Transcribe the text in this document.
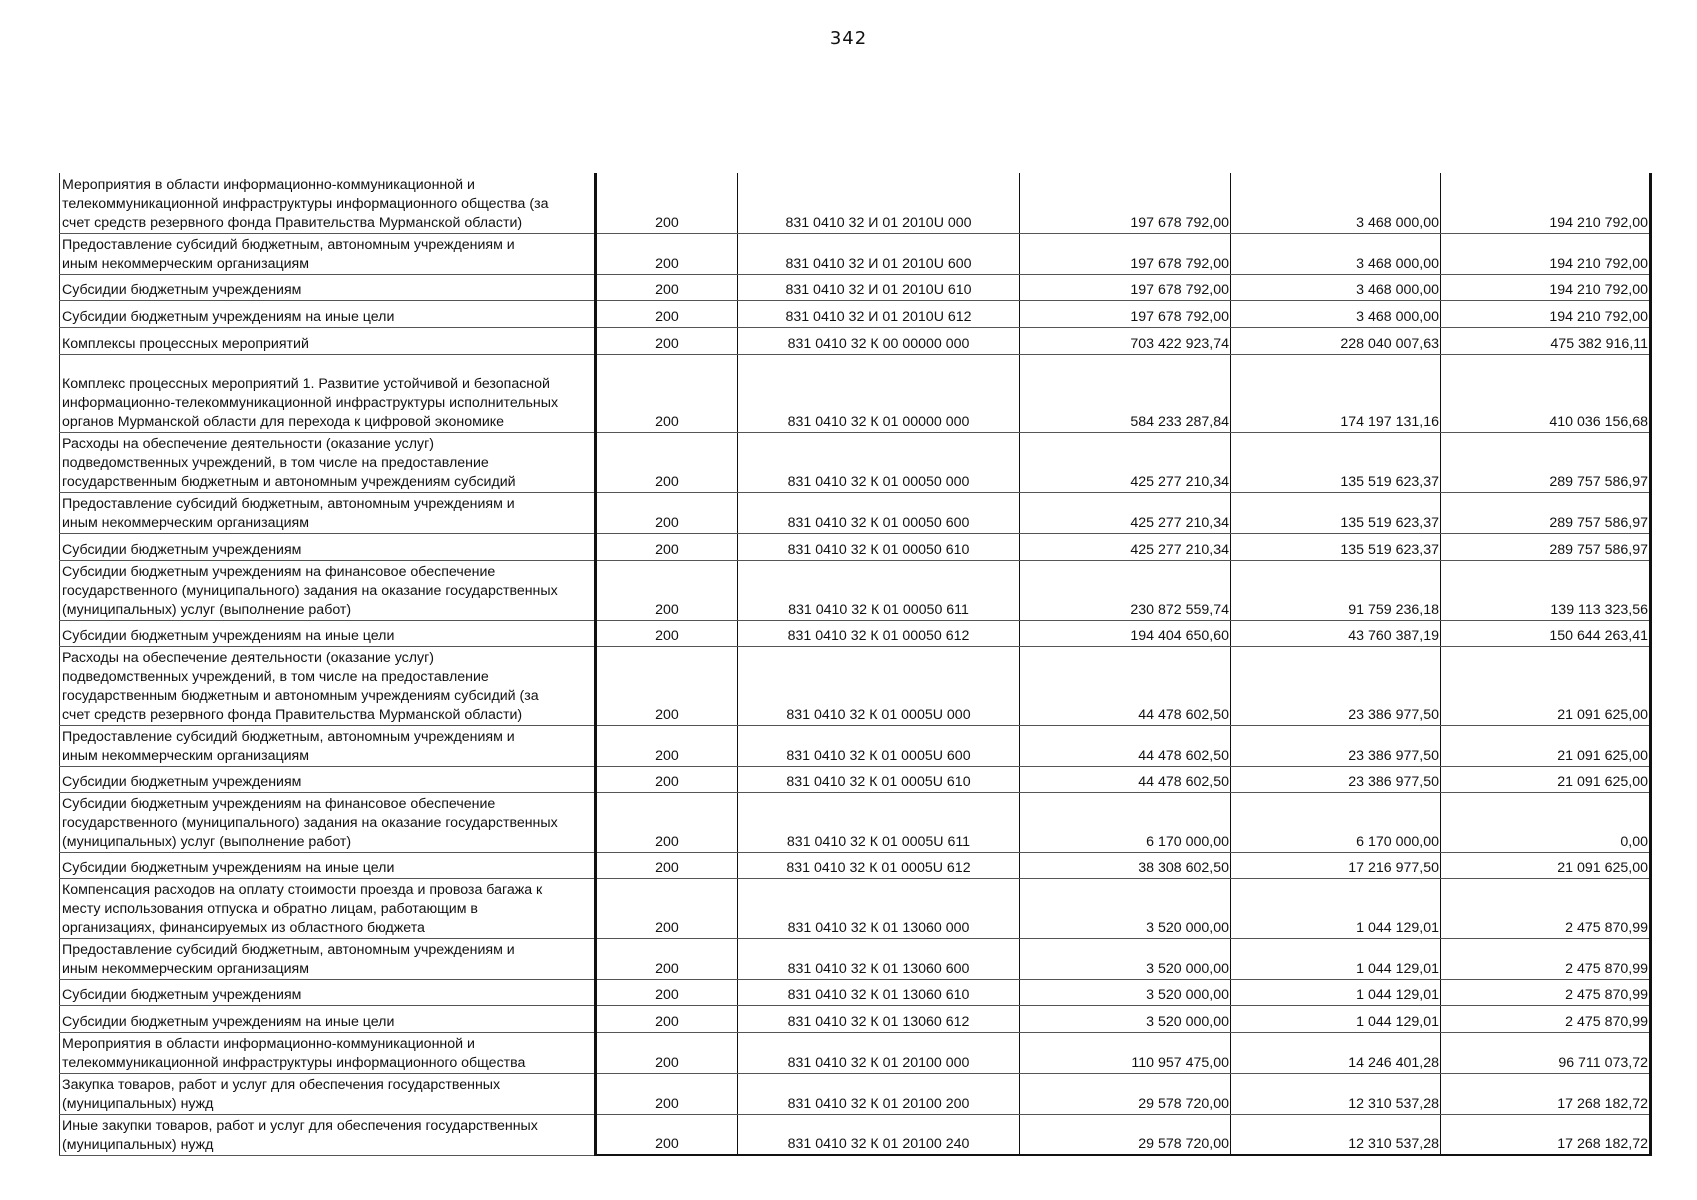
342
Мероприятия в области информационно-коммуникационной и
телекоммуникационной инфраструктуры информационного общества (за
счет средств резервного фонда Правительства Мурманской области)	200	831 0410 32 И 01 2010U 000	197 678 792,00	3 468 000,00	194 210 792,00
Предоставление субсидий бюджетным, автономным учреждениям и
иным некоммерческим организациям	200	831 0410 32 И 01 2010U 600	197 678 792,00	3 468 000,00	194 210 792,00
Субсидии бюджетным учреждениям	200	831 0410 32 И 01 2010U 610	197 678 792,00	3 468 000,00	194 210 792,00
Субсидии бюджетным учреждениям на иные цели	200	831 0410 32 И 01 2010U 612	197 678 792,00	3 468 000,00	194 210 792,00
Комплексы процессных мероприятий	200	831 0410 32 К 00 00000 000	703 422 923,74	228 040 007,63	475 382 916,11
Комплекс процессных мероприятий 1. Развитие устойчивой и безопасной
информационно-телекоммуникационной инфраструктуры исполнительных
органов Мурманской области для перехода к цифровой экономике	200	831 0410 32 К 01 00000 000	584 233 287,84	174 197 131,16	410 036 156,68
Расходы на обеспечение деятельности (оказание услуг)
подведомственных учреждений, в том числе на предоставление
государственным бюджетным и автономным учреждениям субсидий	200	831 0410 32 К 01 00050 000	425 277 210,34	135 519 623,37	289 757 586,97
Предоставление субсидий бюджетным, автономным учреждениям и
иным некоммерческим организациям	200	831 0410 32 К 01 00050 600	425 277 210,34	135 519 623,37	289 757 586,97
Субсидии бюджетным учреждениям	200	831 0410 32 К 01 00050 610	425 277 210,34	135 519 623,37	289 757 586,97
Субсидии бюджетным учреждениям на финансовое обеспечение
государственного (муниципального) задания на оказание государственных
(муниципальных) услуг (выполнение работ)	200	831 0410 32 К 01 00050 611	230 872 559,74	91 759 236,18	139 113 323,56
Субсидии бюджетным учреждениям на иные цели	200	831 0410 32 К 01 00050 612	194 404 650,60	43 760 387,19	150 644 263,41
Расходы на обеспечение деятельности (оказание услуг)
подведомственных учреждений, в том числе на предоставление
государственным бюджетным и автономным учреждениям субсидий (за
счет средств резервного фонда Правительства Мурманской области)	200	831 0410 32 К 01 0005U 000	44 478 602,50	23 386 977,50	21 091 625,00
Предоставление субсидий бюджетным, автономным учреждениям и
иным некоммерческим организациям	200	831 0410 32 К 01 0005U 600	44 478 602,50	23 386 977,50	21 091 625,00
Субсидии бюджетным учреждениям	200	831 0410 32 К 01 0005U 610	44 478 602,50	23 386 977,50	21 091 625,00
Субсидии бюджетным учреждениям на финансовое обеспечение
государственного (муниципального) задания на оказание государственных
(муниципальных) услуг (выполнение работ)	200	831 0410 32 К 01 0005U 611	6 170 000,00	6 170 000,00	0,00
Субсидии бюджетным учреждениям на иные цели	200	831 0410 32 К 01 0005U 612	38 308 602,50	17 216 977,50	21 091 625,00
Компенсация расходов на оплату стоимости проезда и провоза багажа к
месту использования отпуска и обратно лицам, работающим в
организациях, финансируемых из областного бюджета	200	831 0410 32 К 01 13060 000	3 520 000,00	1 044 129,01	2 475 870,99
Предоставление субсидий бюджетным, автономным учреждениям и
иным некоммерческим организациям	200	831 0410 32 К 01 13060 600	3 520 000,00	1 044 129,01	2 475 870,99
Субсидии бюджетным учреждениям	200	831 0410 32 К 01 13060 610	3 520 000,00	1 044 129,01	2 475 870,99
Субсидии бюджетным учреждениям на иные цели	200	831 0410 32 К 01 13060 612	3 520 000,00	1 044 129,01	2 475 870,99
Мероприятия в области информационно-коммуникационной и
телекоммуникационной инфраструктуры информационного общества	200	831 0410 32 К 01 20100 000	110 957 475,00	14 246 401,28	96 711 073,72
Закупка товаров, работ и услуг для обеспечения государственных
(муниципальных) нужд	200	831 0410 32 К 01 20100 200	29 578 720,00	12 310 537,28	17 268 182,72
Иные закупки товаров, работ и услуг для обеспечения государственных
(муниципальных) нужд	200	831 0410 32 К 01 20100 240	29 578 720,00	12 310 537,28	17 268 182,72
